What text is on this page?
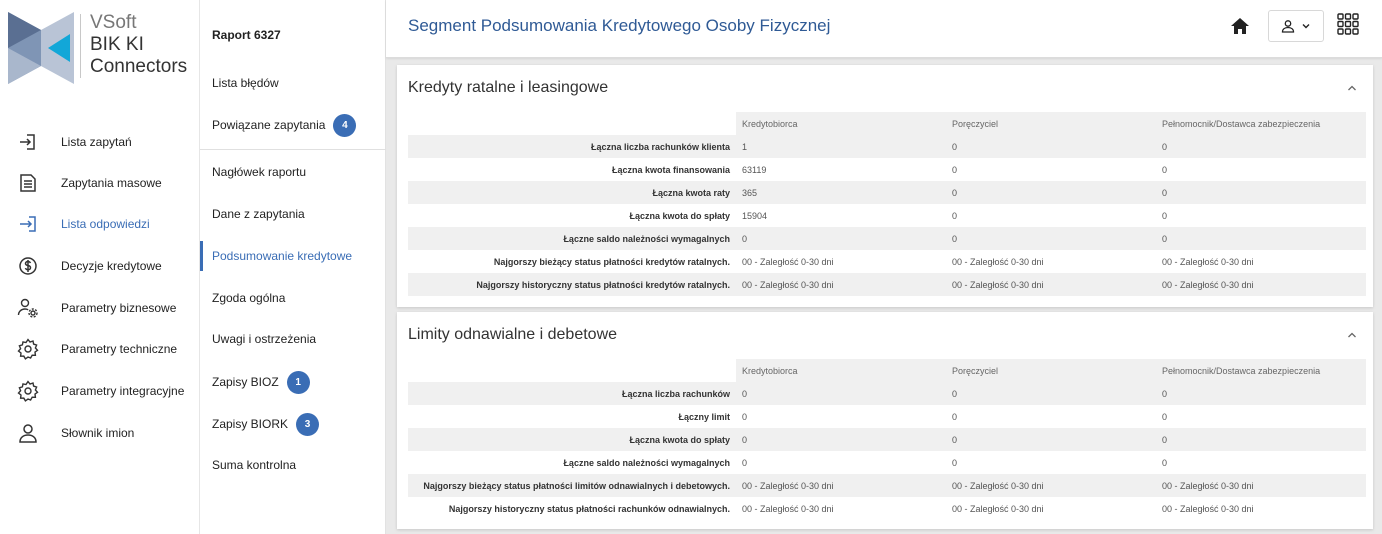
VSoft
BIK KI
Connectors
Lista zapytań
Zapytania masowe
Lista odpowiedzi
Decyzje kredytowe
Parametry biznesowe
Parametry techniczne
Parametry integracyjne
Słownik imion
Raport 6327
Lista błędów
Powiązane zapytania	4
Nagłówek raportu
Dane z zapytania
Podsumowanie kredytowe
Zgoda ogólna
Uwagi i ostrzeżenia
Zapisy BIOZ	1
Zapisy BIORK	3
Suma kontrolna
Segment Podsumowania Kredytowego Osoby Fizycznej
Kredyty ratalne i leasingowe
	Kredytobiorca	Poręczyciel	Pełnomocnik/Dostawca zabezpieczenia
Łączna liczba rachunków klienta	1	0	0
Łączna kwota finansowania	63119	0	0
Łączna kwota raty	365	0	0
Łączna kwota do spłaty	15904	0	0
Łączne saldo należności wymagalnych	0	0	0
Najgorszy bieżący status płatności kredytów ratalnych.	00 - Zaległość 0-30 dni	00 - Zaległość 0-30 dni	00 - Zaległość 0-30 dni
Najgorszy historyczny status płatności kredytów ratalnych.	00 - Zaległość 0-30 dni	00 - Zaległość 0-30 dni	00 - Zaległość 0-30 dni
Limity odnawialne i debetowe
	Kredytobiorca	Poręczyciel	Pełnomocnik/Dostawca zabezpieczenia
Łączna liczba rachunków	0	0	0
Łączny limit	0	0	0
Łączna kwota do spłaty	0	0	0
Łączne saldo należności wymagalnych	0	0	0
Najgorszy bieżący status płatności limitów odnawialnych i debetowych.	00 - Zaległość 0-30 dni	00 - Zaległość 0-30 dni	00 - Zaległość 0-30 dni
Najgorszy historyczny status płatności rachunków odnawialnych.	00 - Zaległość 0-30 dni	00 - Zaległość 0-30 dni	00 - Zaległość 0-30 dni
